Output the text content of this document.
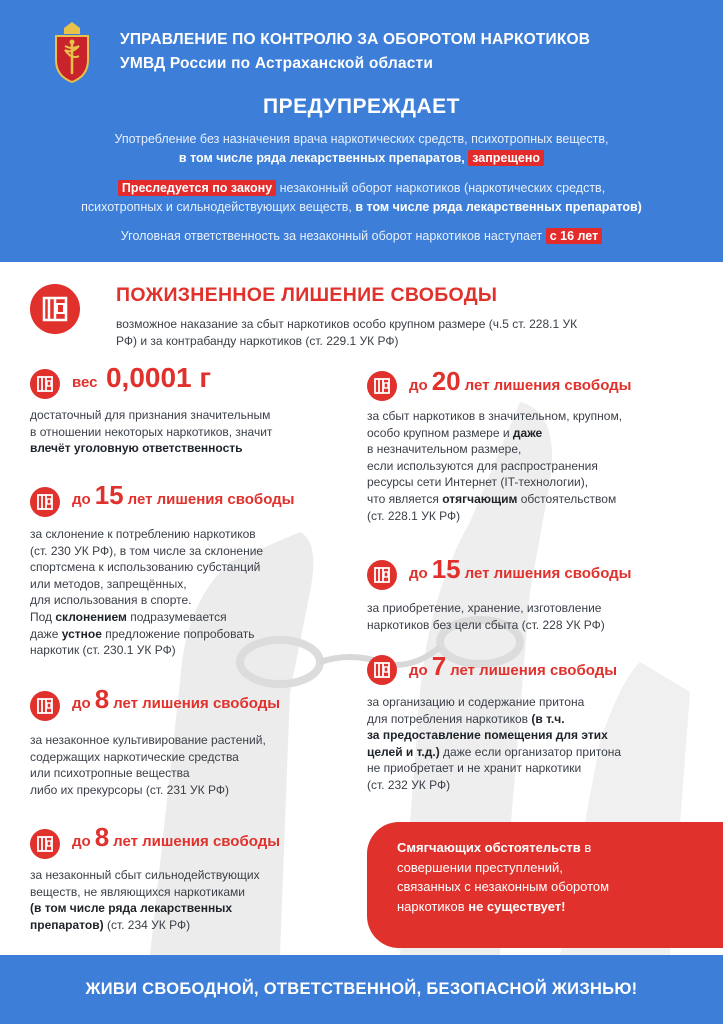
УПРАВЛЕНИЕ ПО КОНТРОЛЮ ЗА ОБОРОТОМ НАРКОТИКОВ
УМВД России по Астраханской области
ПРЕДУПРЕЖДАЕТ
Употребление без назначения врача наркотических средств, психотропных веществ,
в том числе ряда лекарственных препаратов, запрещено
Преследуется по закону незаконный оборот наркотиков (наркотических средств,
психотропных и сильнодействующих веществ, в том числе ряда лекарственных препаратов)
Уголовная ответственность за незаконный оборот наркотиков наступает с 16 лет
ПОЖИЗНЕННОЕ ЛИШЕНИЕ СВОБОДЫ
возможное наказание за сбыт наркотиков особо крупном размере (ч.5 ст. 228.1 УК РФ) и за контрабанду наркотиков (ст. 229.1 УК РФ)
вес 0,0001 г
достаточный для признания значительным
в отношении некоторых наркотиков, значит
влечёт уголовную ответственность
до 15 лет лишения свободы
за склонение к потреблению наркотиков
(ст. 230 УК РФ), в том числе за склонение
спортсмена к использованию субстанций
или методов, запрещённых,
для использования в спорте.
Под склонением подразумевается
даже устное предложение попробовать
наркотик (ст. 230.1 УК РФ)
до 8 лет лишения свободы
за незаконное культивирование растений,
содержащих наркотические средства
или психотропные вещества
либо их прекурсоры (ст. 231 УК РФ)
до 8 лет лишения свободы
за незаконный сбыт сильнодействующих
веществ, не являющихся наркотиками
(в том числе ряда лекарственных
препаратов) (ст. 234 УК РФ)
до 20 лет лишения свободы
за сбыт наркотиков в значительном, крупном,
особо крупном размере и даже
в незначительном размере,
если используются для распространения
ресурсы сети Интернет (IT-технологии),
что является отягчающим обстоятельством
(ст. 228.1 УК РФ)
до 15 лет лишения свободы
за приобретение, хранение, изготовление
наркотиков без цели сбыта (ст. 228 УК РФ)
до 7 лет лишения свободы
за организацию и содержание притона
для потребления наркотиков (в т.ч.
за предоставление помещения для этих
целей и т.д.) даже если организатор притона
не приобретает и не хранит наркотики
(ст. 232 УК РФ)
Смягчающих обстоятельств в
совершении преступлений,
связанных с незаконным оборотом
наркотиков не существует!
ЖИВИ СВОБОДНОЙ, ОТВЕТСТВЕННОЙ, БЕЗОПАСНОЙ ЖИЗНЬЮ!
